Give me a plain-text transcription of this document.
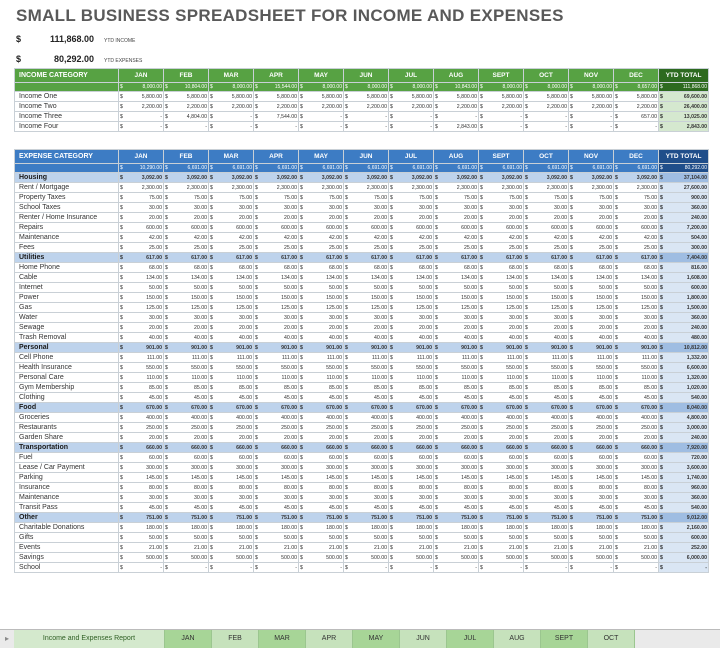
SMALL BUSINESS SPREADSHEET FOR INCOME AND EXPENSES
$	111,868.00 YTD INCOME
$	80,292.00 YTD EXPENSES
INCOME CATEGORY	JAN	FEB	MAR	APR	MAY	JUN	JUL	AUG	SEPT	OCT	NOV	DEC	YTD TOTAL

	$ 8,000.00	$ 10,804.00	$ 8,000.00	$ 15,544.00	$ 8,000.00	$ 8,000.00	$ 8,000.00	$ 10,843.00	$ 8,000.00	$ 8,000.00	$ 8,000.00	$ 8,657.00	$ 111,868.00
Income One	$ 5,800.00	$ 5,800.00	$ 5,800.00	$ 5,800.00	$ 5,800.00	$ 5,800.00	$ 5,800.00	$ 5,800.00	$ 5,800.00	$ 5,800.00	$ 5,800.00	$ 5,800.00	$ 69,600.00
Income Two	$ 2,200.00	$ 2,200.00	$ 2,200.00	$ 2,200.00	$ 2,200.00	$ 2,200.00	$ 2,200.00	$ 2,200.00	$ 2,200.00	$ 2,200.00	$ 2,200.00	$ 2,200.00	$ 26,400.00
Income Three	$ -	$ 4,804.00	$ -	$ 7,544.00	$ -	$ -	$ -	$ -	$ -	$ -	$ -	$ 657.00	$ 13,025.00
Income Four	$ -	$ -	$ -	$ -	$ -	$ -	$ -	$ 2,843.00	$ -	$ -	$ -	$ -	$ 2,843.00
EXPENSE CATEGORY	JAN	FEB	MAR	APR	MAY	JUN	JUL	AUG	SEPT	OCT	NOV	DEC	YTD TOTAL

	$ 10,290.00	$ 6,691.00	$ 6,691.00	$ 6,691.00	$ 6,691.00	$ 6,691.00	$ 6,691.00	$ 6,691.00	$ 6,691.00	$ 6,691.00	$ 6,691.00	$ 6,691.00	$ 80,292.00
Housing	$ 3,092.00	$ 3,092.00	$ 3,092.00	$ 3,092.00	$ 3,092.00	$ 3,092.00	$ 3,092.00	$ 3,092.00	$ 3,092.00	$ 3,092.00	$ 3,092.00	$ 3,092.00	$ 37,104.00
Rent / Mortgage	$ 2,300.00	$ 2,300.00	$ 2,300.00	$ 2,300.00	$ 2,300.00	$ 2,300.00	$ 2,300.00	$ 2,300.00	$ 2,300.00	$ 2,300.00	$ 2,300.00	$ 2,300.00	$ 27,600.00
Property Taxes	$ 75.00	$ 75.00	$ 75.00	$ 75.00	$ 75.00	$ 75.00	$ 75.00	$ 75.00	$ 75.00	$ 75.00	$ 75.00	$ 75.00	$ 900.00
School Taxes	$ 30.00	$ 30.00	$ 30.00	$ 30.00	$ 30.00	$ 30.00	$ 30.00	$ 30.00	$ 30.00	$ 30.00	$ 30.00	$ 30.00	$ 360.00
Renter / Home Insurance	$ 20.00	$ 20.00	$ 20.00	$ 20.00	$ 20.00	$ 20.00	$ 20.00	$ 20.00	$ 20.00	$ 20.00	$ 20.00	$ 20.00	$ 240.00
Repairs	$ 600.00	$ 600.00	$ 600.00	$ 600.00	$ 600.00	$ 600.00	$ 600.00	$ 600.00	$ 600.00	$ 600.00	$ 600.00	$ 600.00	$ 7,200.00
Maintenance	$ 42.00	$ 42.00	$ 42.00	$ 42.00	$ 42.00	$ 42.00	$ 42.00	$ 42.00	$ 42.00	$ 42.00	$ 42.00	$ 42.00	$ 504.00
Fees	$ 25.00	$ 25.00	$ 25.00	$ 25.00	$ 25.00	$ 25.00	$ 25.00	$ 25.00	$ 25.00	$ 25.00	$ 25.00	$ 25.00	$ 300.00
Utilities	$ 617.00	$ 617.00	$ 617.00	$ 617.00	$ 617.00	$ 617.00	$ 617.00	$ 617.00	$ 617.00	$ 617.00	$ 617.00	$ 617.00	$ 7,404.00
Home Phone	$ 68.00	$ 68.00	$ 68.00	$ 68.00	$ 68.00	$ 68.00	$ 68.00	$ 68.00	$ 68.00	$ 68.00	$ 68.00	$ 68.00	$ 816.00
Cable	$ 134.00	$ 134.00	$ 134.00	$ 134.00	$ 134.00	$ 134.00	$ 134.00	$ 134.00	$ 134.00	$ 134.00	$ 134.00	$ 134.00	$ 1,608.00
Internet	$ 50.00	$ 50.00	$ 50.00	$ 50.00	$ 50.00	$ 50.00	$ 50.00	$ 50.00	$ 50.00	$ 50.00	$ 50.00	$ 50.00	$ 600.00
Power	$ 150.00	$ 150.00	$ 150.00	$ 150.00	$ 150.00	$ 150.00	$ 150.00	$ 150.00	$ 150.00	$ 150.00	$ 150.00	$ 150.00	$ 1,800.00
Gas	$ 125.00	$ 125.00	$ 125.00	$ 125.00	$ 125.00	$ 125.00	$ 125.00	$ 125.00	$ 125.00	$ 125.00	$ 125.00	$ 125.00	$ 1,500.00
Water	$ 30.00	$ 30.00	$ 30.00	$ 30.00	$ 30.00	$ 30.00	$ 30.00	$ 30.00	$ 30.00	$ 30.00	$ 30.00	$ 30.00	$ 360.00
Sewage	$ 20.00	$ 20.00	$ 20.00	$ 20.00	$ 20.00	$ 20.00	$ 20.00	$ 20.00	$ 20.00	$ 20.00	$ 20.00	$ 20.00	$ 240.00
Trash Removal	$ 40.00	$ 40.00	$ 40.00	$ 40.00	$ 40.00	$ 40.00	$ 40.00	$ 40.00	$ 40.00	$ 40.00	$ 40.00	$ 40.00	$ 480.00
Personal	$ 901.00	$ 901.00	$ 901.00	$ 901.00	$ 901.00	$ 901.00	$ 901.00	$ 901.00	$ 901.00	$ 901.00	$ 901.00	$ 901.00	$ 10,812.00
Cell Phone	$ 111.00	$ 111.00	$ 111.00	$ 111.00	$ 111.00	$ 111.00	$ 111.00	$ 111.00	$ 111.00	$ 111.00	$ 111.00	$ 111.00	$ 1,332.00
Health Insurance	$ 550.00	$ 550.00	$ 550.00	$ 550.00	$ 550.00	$ 550.00	$ 550.00	$ 550.00	$ 550.00	$ 550.00	$ 550.00	$ 550.00	$ 6,600.00
Personal Care	$ 110.00	$ 110.00	$ 110.00	$ 110.00	$ 110.00	$ 110.00	$ 110.00	$ 110.00	$ 110.00	$ 110.00	$ 110.00	$ 110.00	$ 1,320.00
Gym Membership	$ 85.00	$ 85.00	$ 85.00	$ 85.00	$ 85.00	$ 85.00	$ 85.00	$ 85.00	$ 85.00	$ 85.00	$ 85.00	$ 85.00	$ 1,020.00
Clothing	$ 45.00	$ 45.00	$ 45.00	$ 45.00	$ 45.00	$ 45.00	$ 45.00	$ 45.00	$ 45.00	$ 45.00	$ 45.00	$ 45.00	$ 540.00
Food	$ 670.00	$ 670.00	$ 670.00	$ 670.00	$ 670.00	$ 670.00	$ 670.00	$ 670.00	$ 670.00	$ 670.00	$ 670.00	$ 670.00	$ 8,040.00
Groceries	$ 400.00	$ 400.00	$ 400.00	$ 400.00	$ 400.00	$ 400.00	$ 400.00	$ 400.00	$ 400.00	$ 400.00	$ 400.00	$ 400.00	$ 4,800.00
Restaurants	$ 250.00	$ 250.00	$ 250.00	$ 250.00	$ 250.00	$ 250.00	$ 250.00	$ 250.00	$ 250.00	$ 250.00	$ 250.00	$ 250.00	$ 3,000.00
Garden Share	$ 20.00	$ 20.00	$ 20.00	$ 20.00	$ 20.00	$ 20.00	$ 20.00	$ 20.00	$ 20.00	$ 20.00	$ 20.00	$ 20.00	$ 240.00
Transportation	$ 660.00	$ 660.00	$ 660.00	$ 660.00	$ 660.00	$ 660.00	$ 660.00	$ 660.00	$ 660.00	$ 660.00	$ 660.00	$ 660.00	$ 7,920.00
Fuel	$ 60.00	$ 60.00	$ 60.00	$ 60.00	$ 60.00	$ 60.00	$ 60.00	$ 60.00	$ 60.00	$ 60.00	$ 60.00	$ 60.00	$ 720.00
Lease / Car Payment	$ 300.00	$ 300.00	$ 300.00	$ 300.00	$ 300.00	$ 300.00	$ 300.00	$ 300.00	$ 300.00	$ 300.00	$ 300.00	$ 300.00	$ 3,600.00
Parking	$ 145.00	$ 145.00	$ 145.00	$ 145.00	$ 145.00	$ 145.00	$ 145.00	$ 145.00	$ 145.00	$ 145.00	$ 145.00	$ 145.00	$ 1,740.00
Insurance	$ 80.00	$ 80.00	$ 80.00	$ 80.00	$ 80.00	$ 80.00	$ 80.00	$ 80.00	$ 80.00	$ 80.00	$ 80.00	$ 80.00	$ 960.00
Maintenance	$ 30.00	$ 30.00	$ 30.00	$ 30.00	$ 30.00	$ 30.00	$ 30.00	$ 30.00	$ 30.00	$ 30.00	$ 30.00	$ 30.00	$ 360.00
Transit Pass	$ 45.00	$ 45.00	$ 45.00	$ 45.00	$ 45.00	$ 45.00	$ 45.00	$ 45.00	$ 45.00	$ 45.00	$ 45.00	$ 45.00	$ 540.00
Other	$ 751.00	$ 751.00	$ 751.00	$ 751.00	$ 751.00	$ 751.00	$ 751.00	$ 751.00	$ 751.00	$ 751.00	$ 751.00	$ 751.00	$ 9,012.00
Charitable Donations	$ 180.00	$ 180.00	$ 180.00	$ 180.00	$ 180.00	$ 180.00	$ 180.00	$ 180.00	$ 180.00	$ 180.00	$ 180.00	$ 180.00	$ 2,160.00
Gifts	$ 50.00	$ 50.00	$ 50.00	$ 50.00	$ 50.00	$ 50.00	$ 50.00	$ 50.00	$ 50.00	$ 50.00	$ 50.00	$ 50.00	$ 600.00
Events	$ 21.00	$ 21.00	$ 21.00	$ 21.00	$ 21.00	$ 21.00	$ 21.00	$ 21.00	$ 21.00	$ 21.00	$ 21.00	$ 21.00	$ 252.00
Savings	$ 500.00	$ 500.00	$ 500.00	$ 500.00	$ 500.00	$ 500.00	$ 500.00	$ 500.00	$ 500.00	$ 500.00	$ 500.00	$ 500.00	$ 6,000.00
School	$ -	$ -	$ -	$ -	$ -	$ -	$ -	$ -	$ -	$ -	$ -	$ -	$ -
▸	Income and Expenses Report	JAN	FEB	MAR	APR	MAY	JUN	JUL	AUG	SEPT	OCT
